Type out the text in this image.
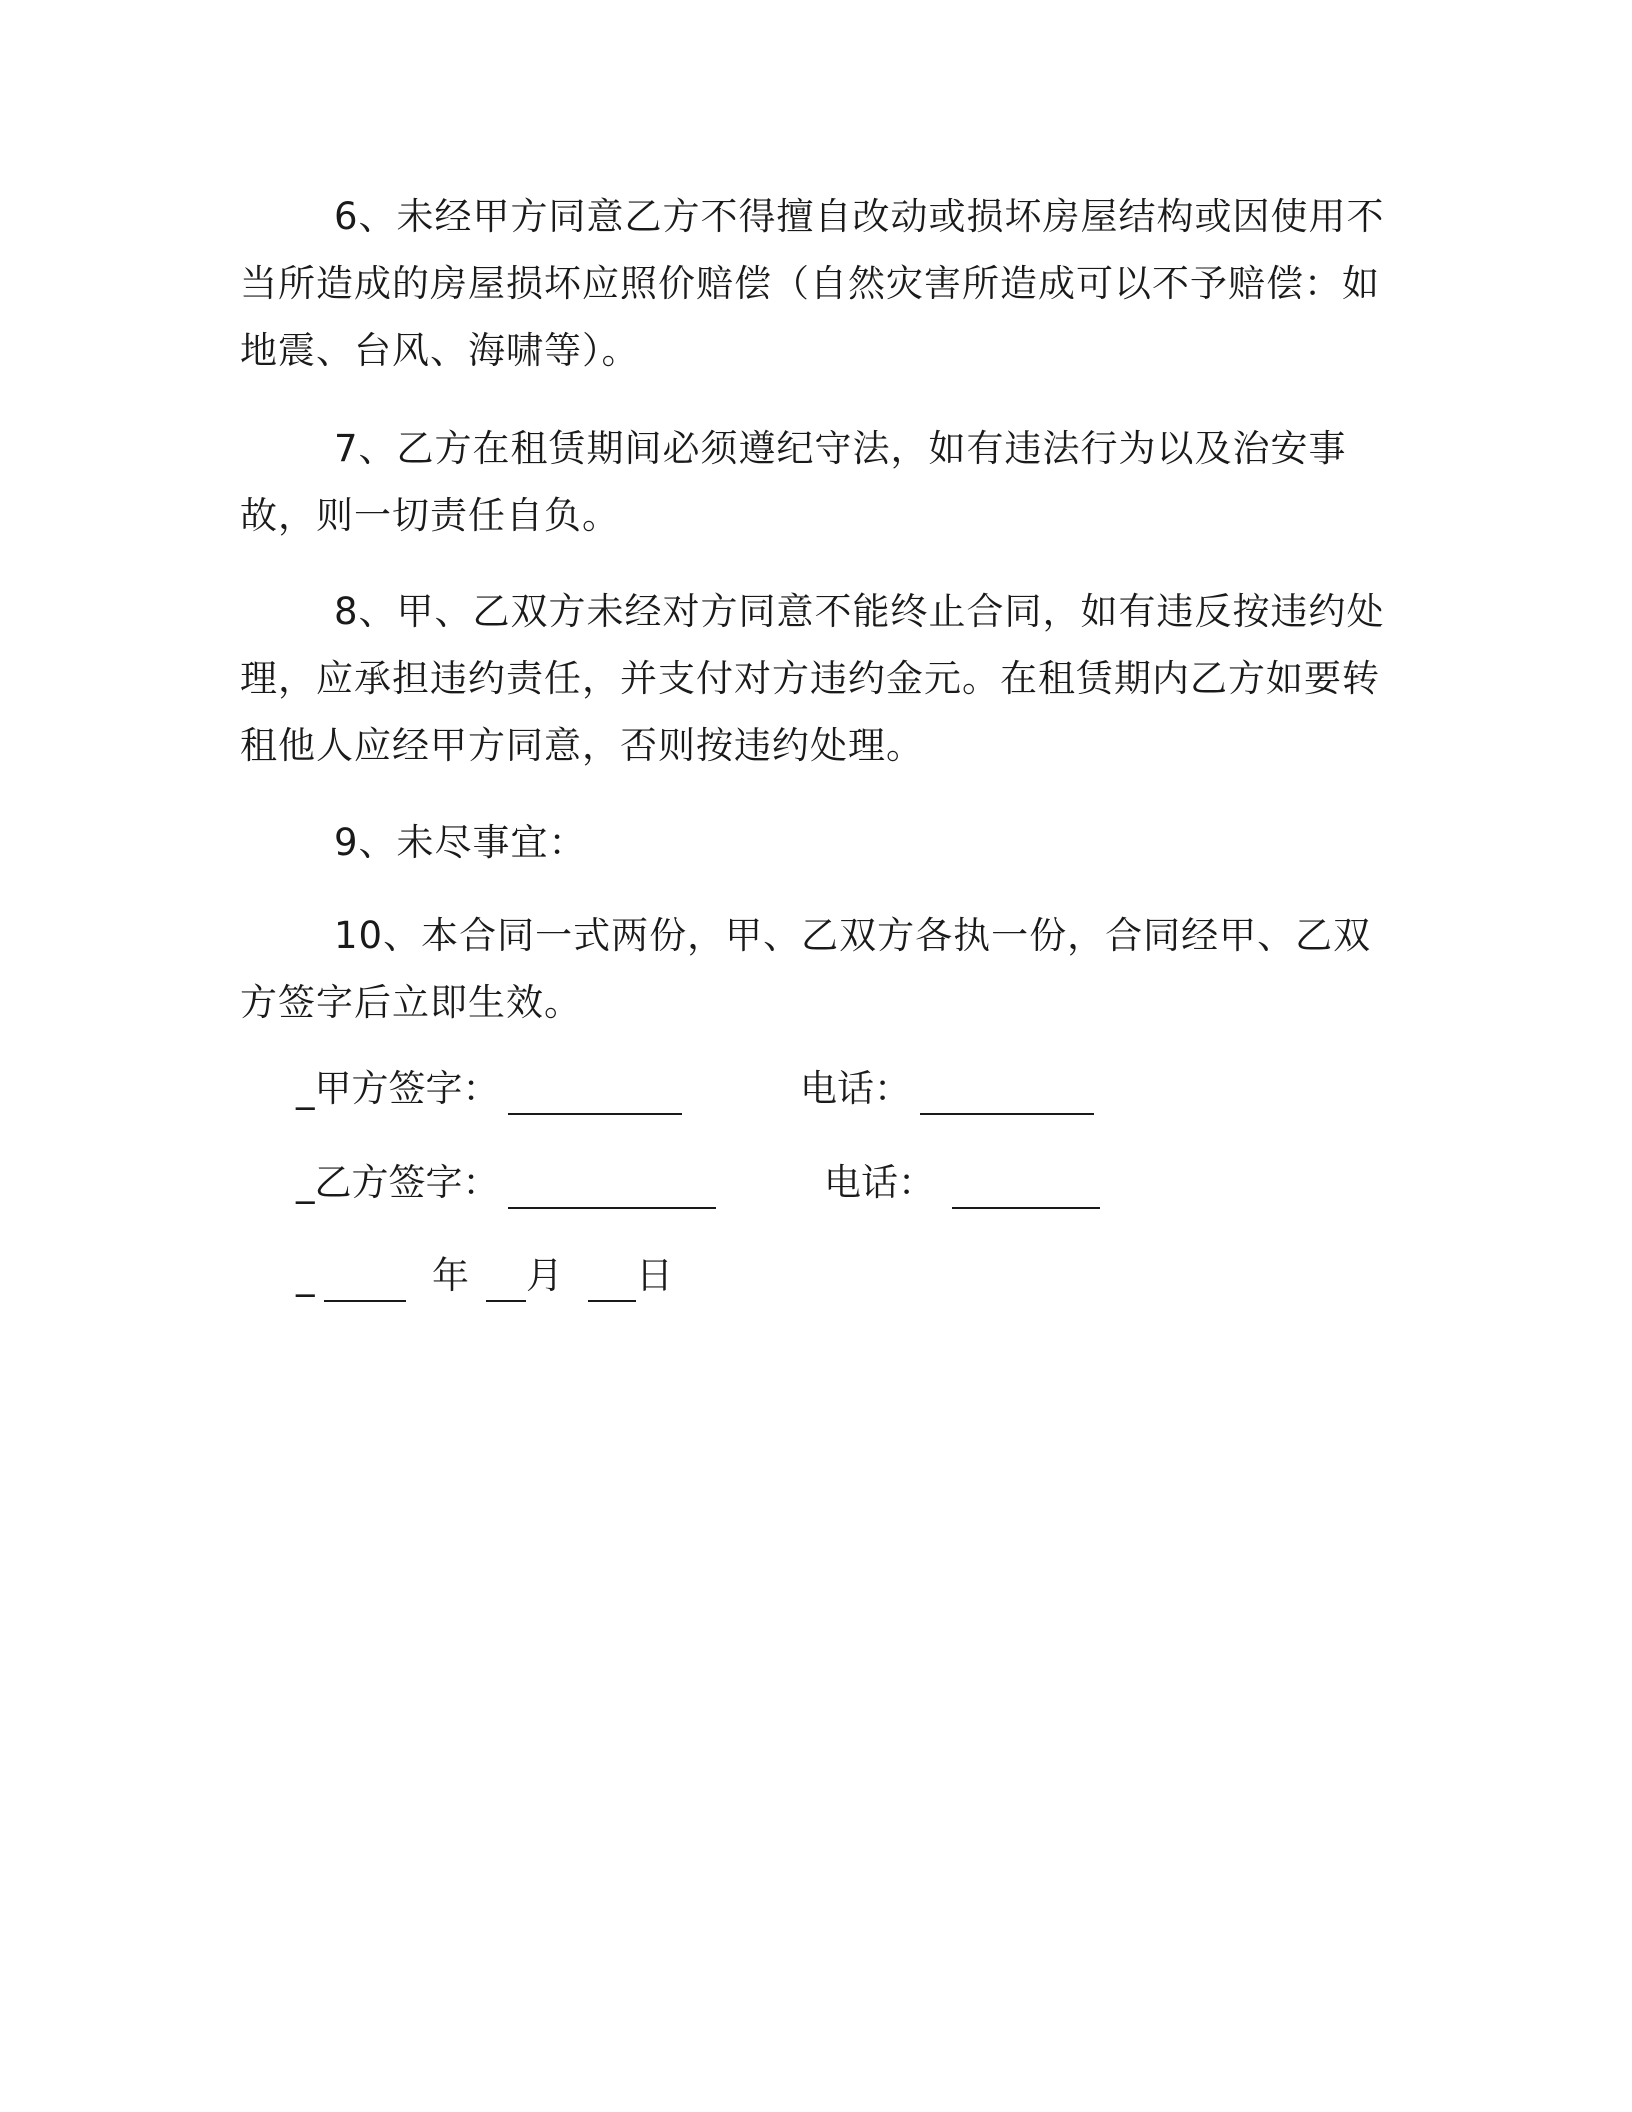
6、未经甲方同意乙方不得擅自改动或损坏房屋结构或因使用不当所造成的房屋损坏应照价赔偿（自然灾害所造成可以不予赔偿：如地震、台风、海啸等）。

7、乙方在租赁期间必须遵纪守法，如有违法行为以及治安事故，则一切责任自负。

8、甲、乙双方未经对方同意不能终止合同，如有违反按违约处理，应承担违约责任，并支付对方违约金元。在租赁期内乙方如要转租他人应经甲方同意，否则按违约处理。

9、未尽事宜：

10、本合同一式两份，甲、乙双方各执一份，合同经甲、乙双方签字后立即生效。

_甲方签字：	电话：
_乙方签字：	电话：
_	年 月 日
